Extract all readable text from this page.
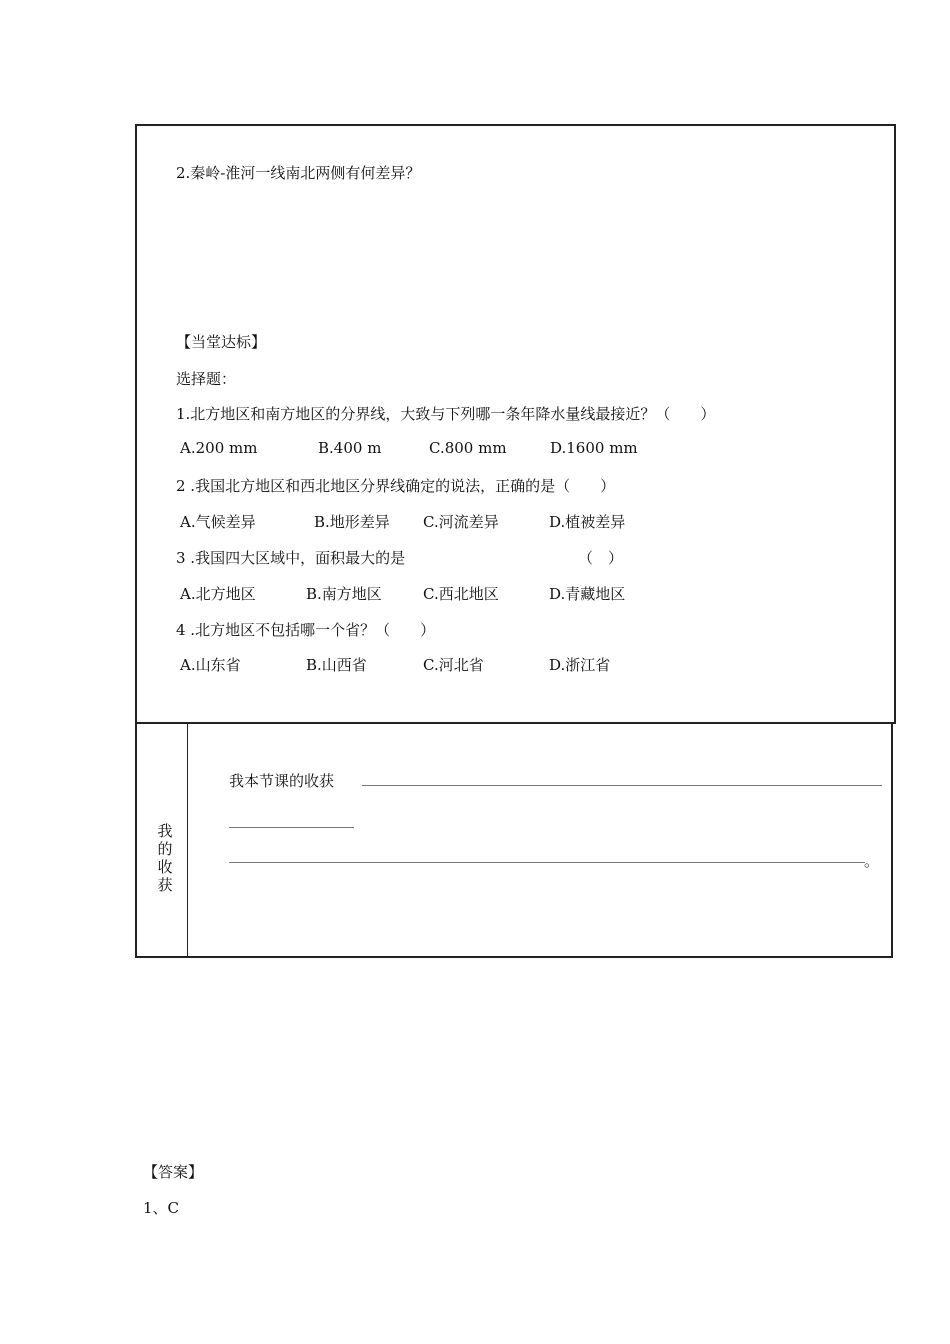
2.秦岭-淮河一线南北两侧有何差异？
【当堂达标】
选择题：
1.北方地区和南方地区的分界线，大致与下列哪一条年降水量线最接近？（　　）
A.200 mm	B.400 m	C.800 mm	D.1600 mm
2 .我国北方地区和西北地区分界线确定的说法，正确的是（　　）
A.气候差异	B.地形差异 C.河流差异	D.植被差异
3 .我国四大区域中，面积最大的是	（　）
A.北方地区	B.南方地区	C.西北地区	D.青藏地区
4 .北方地区不包括哪一个省？（　　）
A.山东省	B.山西省	C.河北省	D.浙江省
我
的
收
获
我本节课的收获
。
【答案】
1、C
